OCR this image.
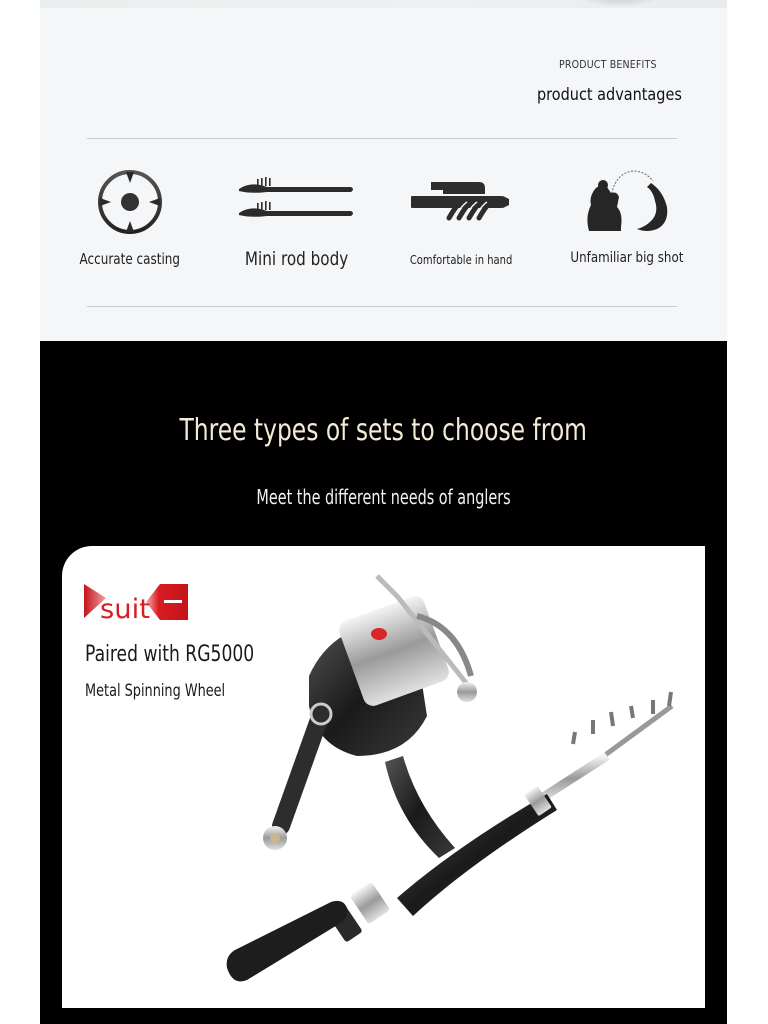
PRODUCT BENEFITS
product advantages
Accurate casting	Mini rod body	Comfortable in hand	Unfamiliar big shot
Three types of sets to choose from
Meet the different needs of anglers
suit
Paired with RG5000
Metal Spinning Wheel
